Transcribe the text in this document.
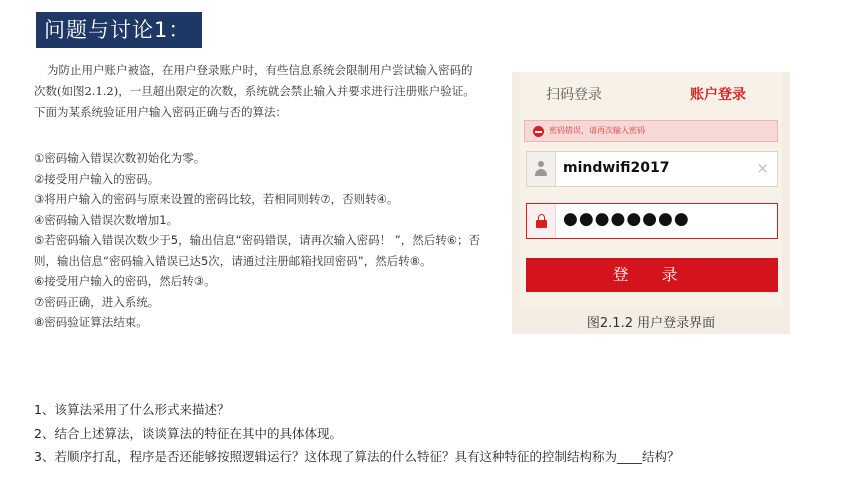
问题与讨论1：
为防止用户账户被盗，在用户登录账户时，有些信息系统会限制用户尝试输入密码的次数(如图2.1.2)，一旦超出限定的次数，系统就会禁止输入并要求进行注册账户验证。下面为某系统验证用户输入密码正确与否的算法：
①密码输入错误次数初始化为零。
②接受用户输入的密码。
③将用户输入的密码与原来设置的密码比较，若相同则转⑦，否则转④。
④密码输入错误次数增加1。
⑤若密码输入错误次数少于5，输出信息“密码错误，请再次输入密码！ ”，然后转⑥；否则，输出信息“密码输入错误已达5次，请通过注册邮箱找回密码”，然后转⑧。
⑥接受用户输入的密码，然后转③。
⑦密码正确，进入系统。
⑧密码验证算法结束。
1、该算法采用了什么形式来描述？
2、结合上述算法，谈谈算法的特征在其中的具体体现。
3、若顺序打乱，程序是否还能够按照逻辑运行？这体现了算法的什么特征？具有这种特征的控制结构称为____结构？
扫码登录	账户登录
密码错误，请再次输入密码
mindwifi2017	×
●●●●●●●●
登 录
图2.1.2 用户登录界面
